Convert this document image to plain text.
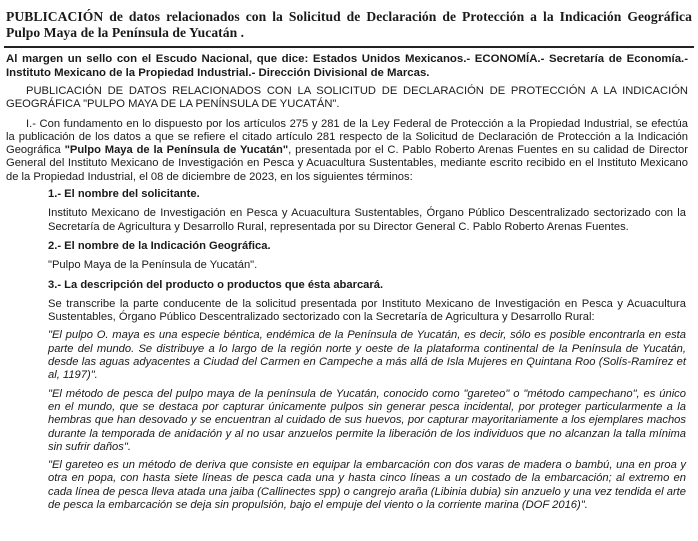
PUBLICACIÓN de datos relacionados con la Solicitud de Declaración de Protección a la Indicación Geográfica Pulpo Maya de la Península de Yucatán .

Al margen un sello con el Escudo Nacional, que dice: Estados Unidos Mexicanos.- ECONOMÍA.- Secretaría de Economía.- Instituto Mexicano de la Propiedad Industrial.- Dirección Divisional de Marcas.

PUBLICACIÓN DE DATOS RELACIONADOS CON LA SOLICITUD DE DECLARACIÓN DE PROTECCIÓN A LA INDICACIÓN GEOGRÁFICA "PULPO MAYA DE LA PENÍNSULA DE YUCATÁN".

I.- Con fundamento en lo dispuesto por los artículos 275 y 281 de la Ley Federal de Protección a la Propiedad Industrial, se efectúa la publicación de los datos a que se refiere el citado artículo 281 respecto de la Solicitud de Declaración de Protección a la Indicación Geográfica "Pulpo Maya de la Península de Yucatán", presentada por el C. Pablo Roberto Arenas Fuentes en su calidad de Director General del Instituto Mexicano de Investigación en Pesca y Acuacultura Sustentables, mediante escrito recibido en el Instituto Mexicano de la Propiedad Industrial, el 08 de diciembre de 2023, en los siguientes términos:

1.- El nombre del solicitante.

Instituto Mexicano de Investigación en Pesca y Acuacultura Sustentables, Órgano Público Descentralizado sectorizado con la Secretaría de Agricultura y Desarrollo Rural, representada por su Director General C. Pablo Roberto Arenas Fuentes.

2.- El nombre de la Indicación Geográfica.

"Pulpo Maya de la Península de Yucatán".

3.- La descripción del producto o productos que ésta abarcará.

Se transcribe la parte conducente de la solicitud presentada por Instituto Mexicano de Investigación en Pesca y Acuacultura Sustentables, Órgano Público Descentralizado sectorizado con la Secretaría de Agricultura y Desarrollo Rural:

"El pulpo O. maya es una especie béntica, endémica de la Península de Yucatán, es decir, sólo es posible encontrarla en esta parte del mundo. Se distribuye a lo largo de la región norte y oeste de la plataforma continental de la Península de Yucatán, desde las aguas adyacentes a Ciudad del Carmen en Campeche a más allá de Isla Mujeres en Quintana Roo (Solís-Ramírez et al, 1197)".

"El método de pesca del pulpo maya de la península de Yucatán, conocido como "gareteo" o "método campechano", es único en el mundo, que se destaca por capturar únicamente pulpos sin generar pesca incidental, por proteger particularmente a la hembras que han desovado y se encuentran al cuidado de sus huevos, por capturar mayoritariamente a los ejemplares machos durante la temporada de anidación y al no usar anzuelos permite la liberación de los individuos que no alcanzan la talla mínima sin sufrir daños".

"El gareteo es un método de deriva que consiste en equipar la embarcación con dos varas de madera o bambú, una en proa y otra en popa, con hasta siete líneas de pesca cada una y hasta cinco líneas a un costado de la embarcación; al extremo en cada línea de pesca lleva atada una jaiba (Callinectes spp) o cangrejo araña (Libinia dubia) sin anzuelo y una vez tendida el arte de pesca la embarcación se deja sin propulsión, bajo el empuje del viento o la corriente marina (DOF 2016)".
